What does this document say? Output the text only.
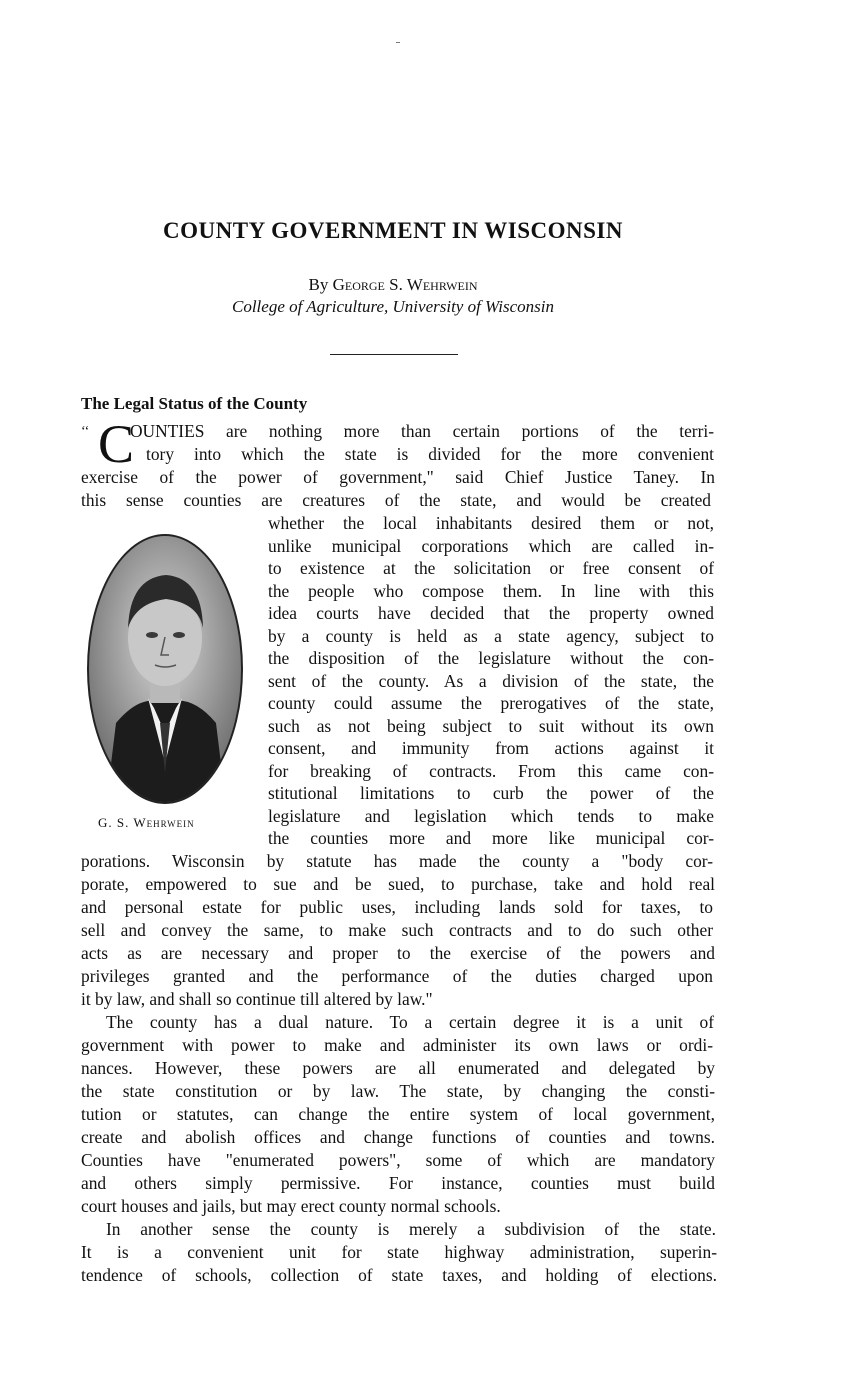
COUNTY GOVERNMENT IN WISCONSIN
By George S. Wehrwein
College of Agriculture, University of Wisconsin
The Legal Status of the County
‘‘ C
G. S. Wehrwein
OUNTIES are nothing more than certain portions of the terri-
tory into which the state is divided for the more convenient
exercise of the power of government," said Chief Justice Taney. In
this sense counties are creatures of the state, and would be created
whether the local inhabitants desired them or not,
unlike municipal corporations which are called in-
to existence at the solicitation or free consent of
the people who compose them. In line with this
idea courts have decided that the property owned
by a county is held as a state agency, subject to
the disposition of the legislature without the con-
sent of the county. As a division of the state, the
county could assume the prerogatives of the state,
such as not being subject to suit without its own
consent, and immunity from actions against it
for breaking of contracts. From this came con-
stitutional limitations to curb the power of the
legislature and legislation which tends to make
the counties more and more like municipal cor-
porations. Wisconsin by statute has made the county a "body cor-
porate, empowered to sue and be sued, to purchase, take and hold real
and personal estate for public uses, including lands sold for taxes, to
sell and convey the same, to make such contracts and to do such other
acts as are necessary and proper to the exercise of the powers and
privileges granted and the performance of the duties charged upon
it by law, and shall so continue till altered by law."
The county has a dual nature. To a certain degree it is a unit of
government with power to make and administer its own laws or ordi-
nances. However, these powers are all enumerated and delegated by
the state constitution or by law. The state, by changing the consti-
tution or statutes, can change the entire system of local government,
create and abolish offices and change functions of counties and towns.
Counties have "enumerated powers", some of which are mandatory
and others simply permissive. For instance, counties must build
court houses and jails, but may erect county normal schools.
In another sense the county is merely a subdivision of the state.
It is a convenient unit for state highway administration, superin-
tendence of schools, collection of state taxes, and holding of elections.
